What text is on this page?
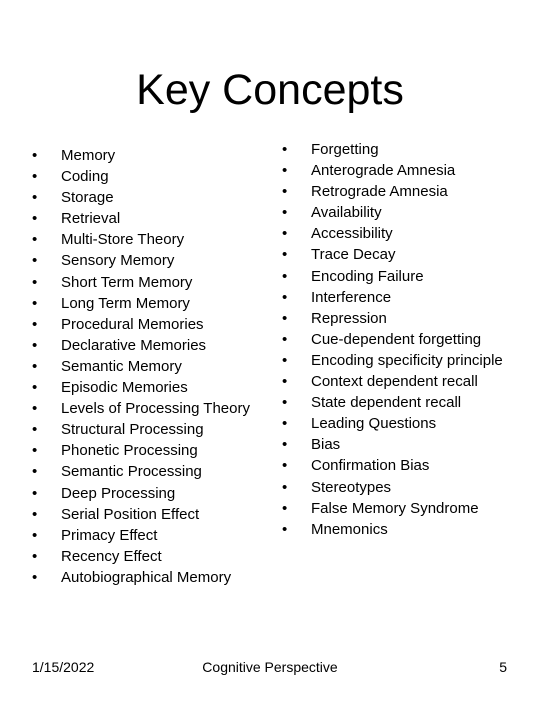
Key Concepts
•	Memory
•	Coding
•	Storage
•	Retrieval
•	Multi-Store Theory
•	Sensory Memory
•	Short Term Memory
•	Long Term Memory
•	Procedural Memories
•	Declarative Memories
•	Semantic Memory
•	Episodic Memories
•	Levels of Processing Theory
•	Structural Processing
•	Phonetic Processing
•	Semantic Processing
•	Deep Processing
•	Serial Position Effect
•	Primacy Effect
•	Recency Effect
•	Autobiographical Memory
•	Forgetting
•	Anterograde Amnesia
•	Retrograde Amnesia
•	Availability
•	Accessibility
•	Trace Decay
•	Encoding Failure
•	Interference
•	Repression
•	Cue-dependent forgetting
•	Encoding specificity principle
•	Context dependent recall
•	State dependent recall
•	Leading Questions
•	Bias
•	Confirmation Bias
•	Stereotypes
•	False Memory Syndrome
•	Mnemonics
1/15/2022	Cognitive Perspective	5
